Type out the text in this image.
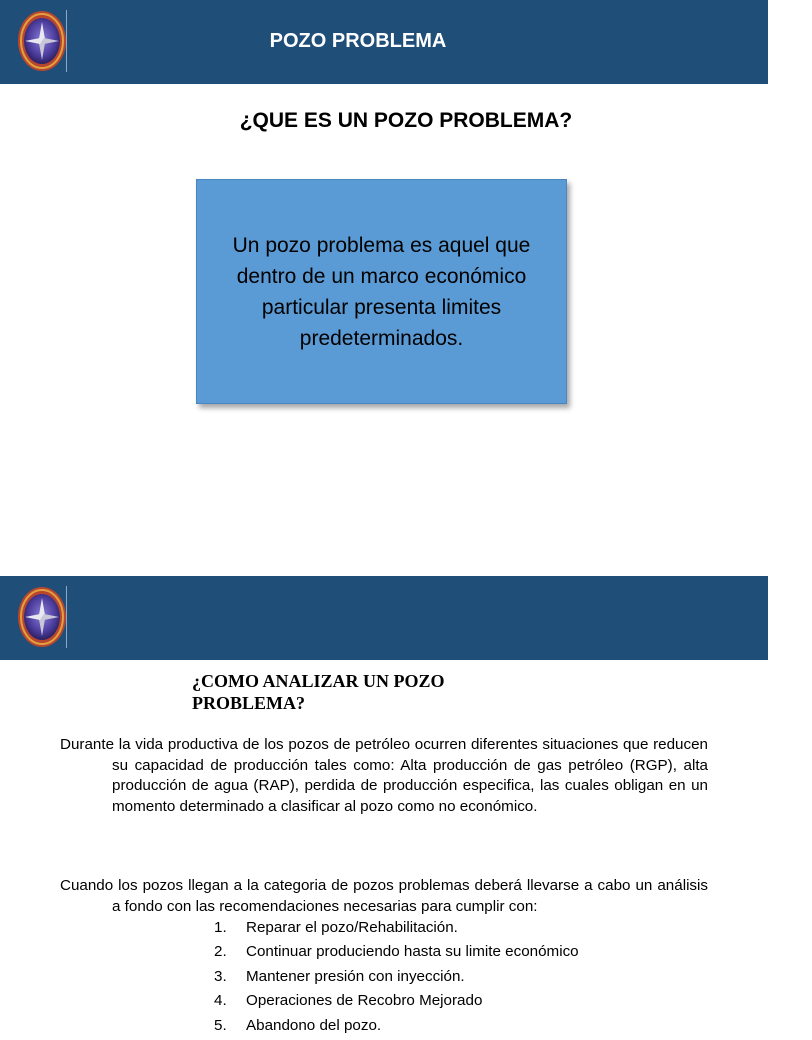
POZO PROBLEMA
¿QUE ES UN POZO PROBLEMA?

Un pozo problema es aquel que dentro de un marco económico particular presenta limites predeterminados.

¿COMO ANALIZAR UN POZO PROBLEMA?

Durante la vida productiva de los pozos de petróleo ocurren diferentes situaciones que reducen su capacidad de producción tales como: Alta producción de gas petróleo (RGP), alta producción de agua (RAP), perdida de producción especifica, las cuales obligan en un momento determinado a clasificar al pozo como no económico.

Cuando los pozos llegan a la categoria de pozos problemas deberá llevarse a cabo un análisis a fondo con las recomendaciones necesarias para cumplir con:

1.	Reparar el pozo/Rehabilitación.
2.	Continuar produciendo hasta su limite económico
3.	Mantener presión con inyección.
4.	Operaciones de Recobro Mejorado
5.	Abandono del pozo.
